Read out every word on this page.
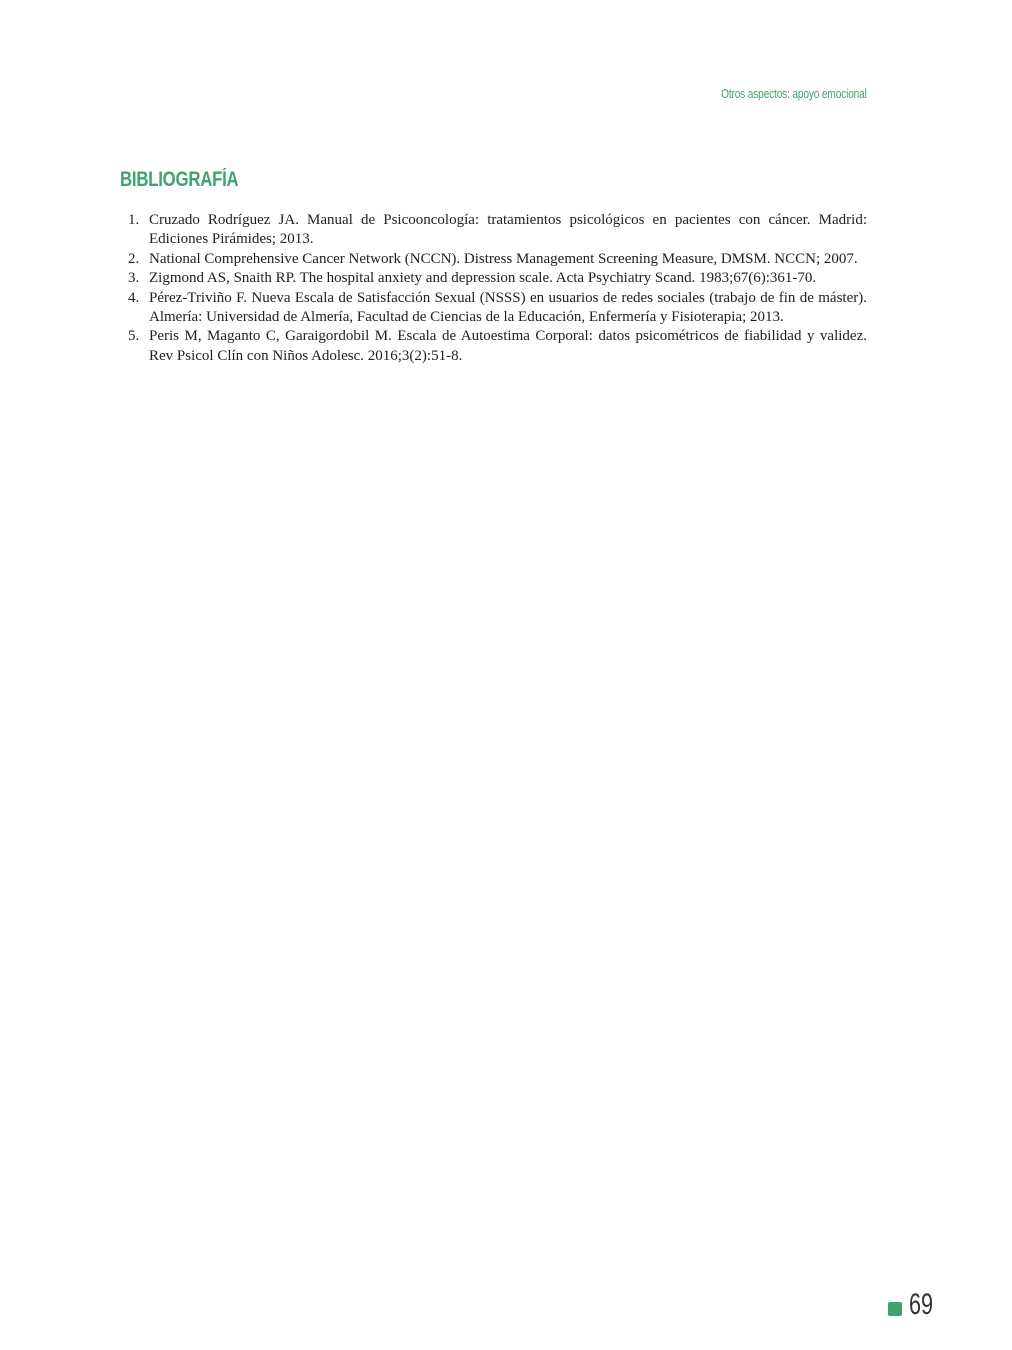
Otros aspectos: apoyo emocional
BIBLIOGRAFÍA
1. Cruzado Rodríguez JA. Manual de Psicooncología: tratamientos psicológicos en pacientes con cáncer. Madrid: Ediciones Pirámides; 2013.
2. National Comprehensive Cancer Network (NCCN). Distress Management Screening Measure, DMSM. NCCN; 2007.
3. Zigmond AS, Snaith RP. The hospital anxiety and depression scale. Acta Psychiatry Scand. 1983;67(6):361-70.
4. Pérez-Triviño F. Nueva Escala de Satisfacción Sexual (NSSS) en usuarios de redes sociales (trabajo de fin de máster). Almería: Universidad de Almería, Facultad de Ciencias de la Educación, Enfermería y Fisioterapia; 2013.
5. Peris M, Maganto C, Garaigordobil M. Escala de Autoestima Corporal: datos psicométricos de fiabilidad y validez. Rev Psicol Clín con Niños Adolesc. 2016;3(2):51-8.
69
